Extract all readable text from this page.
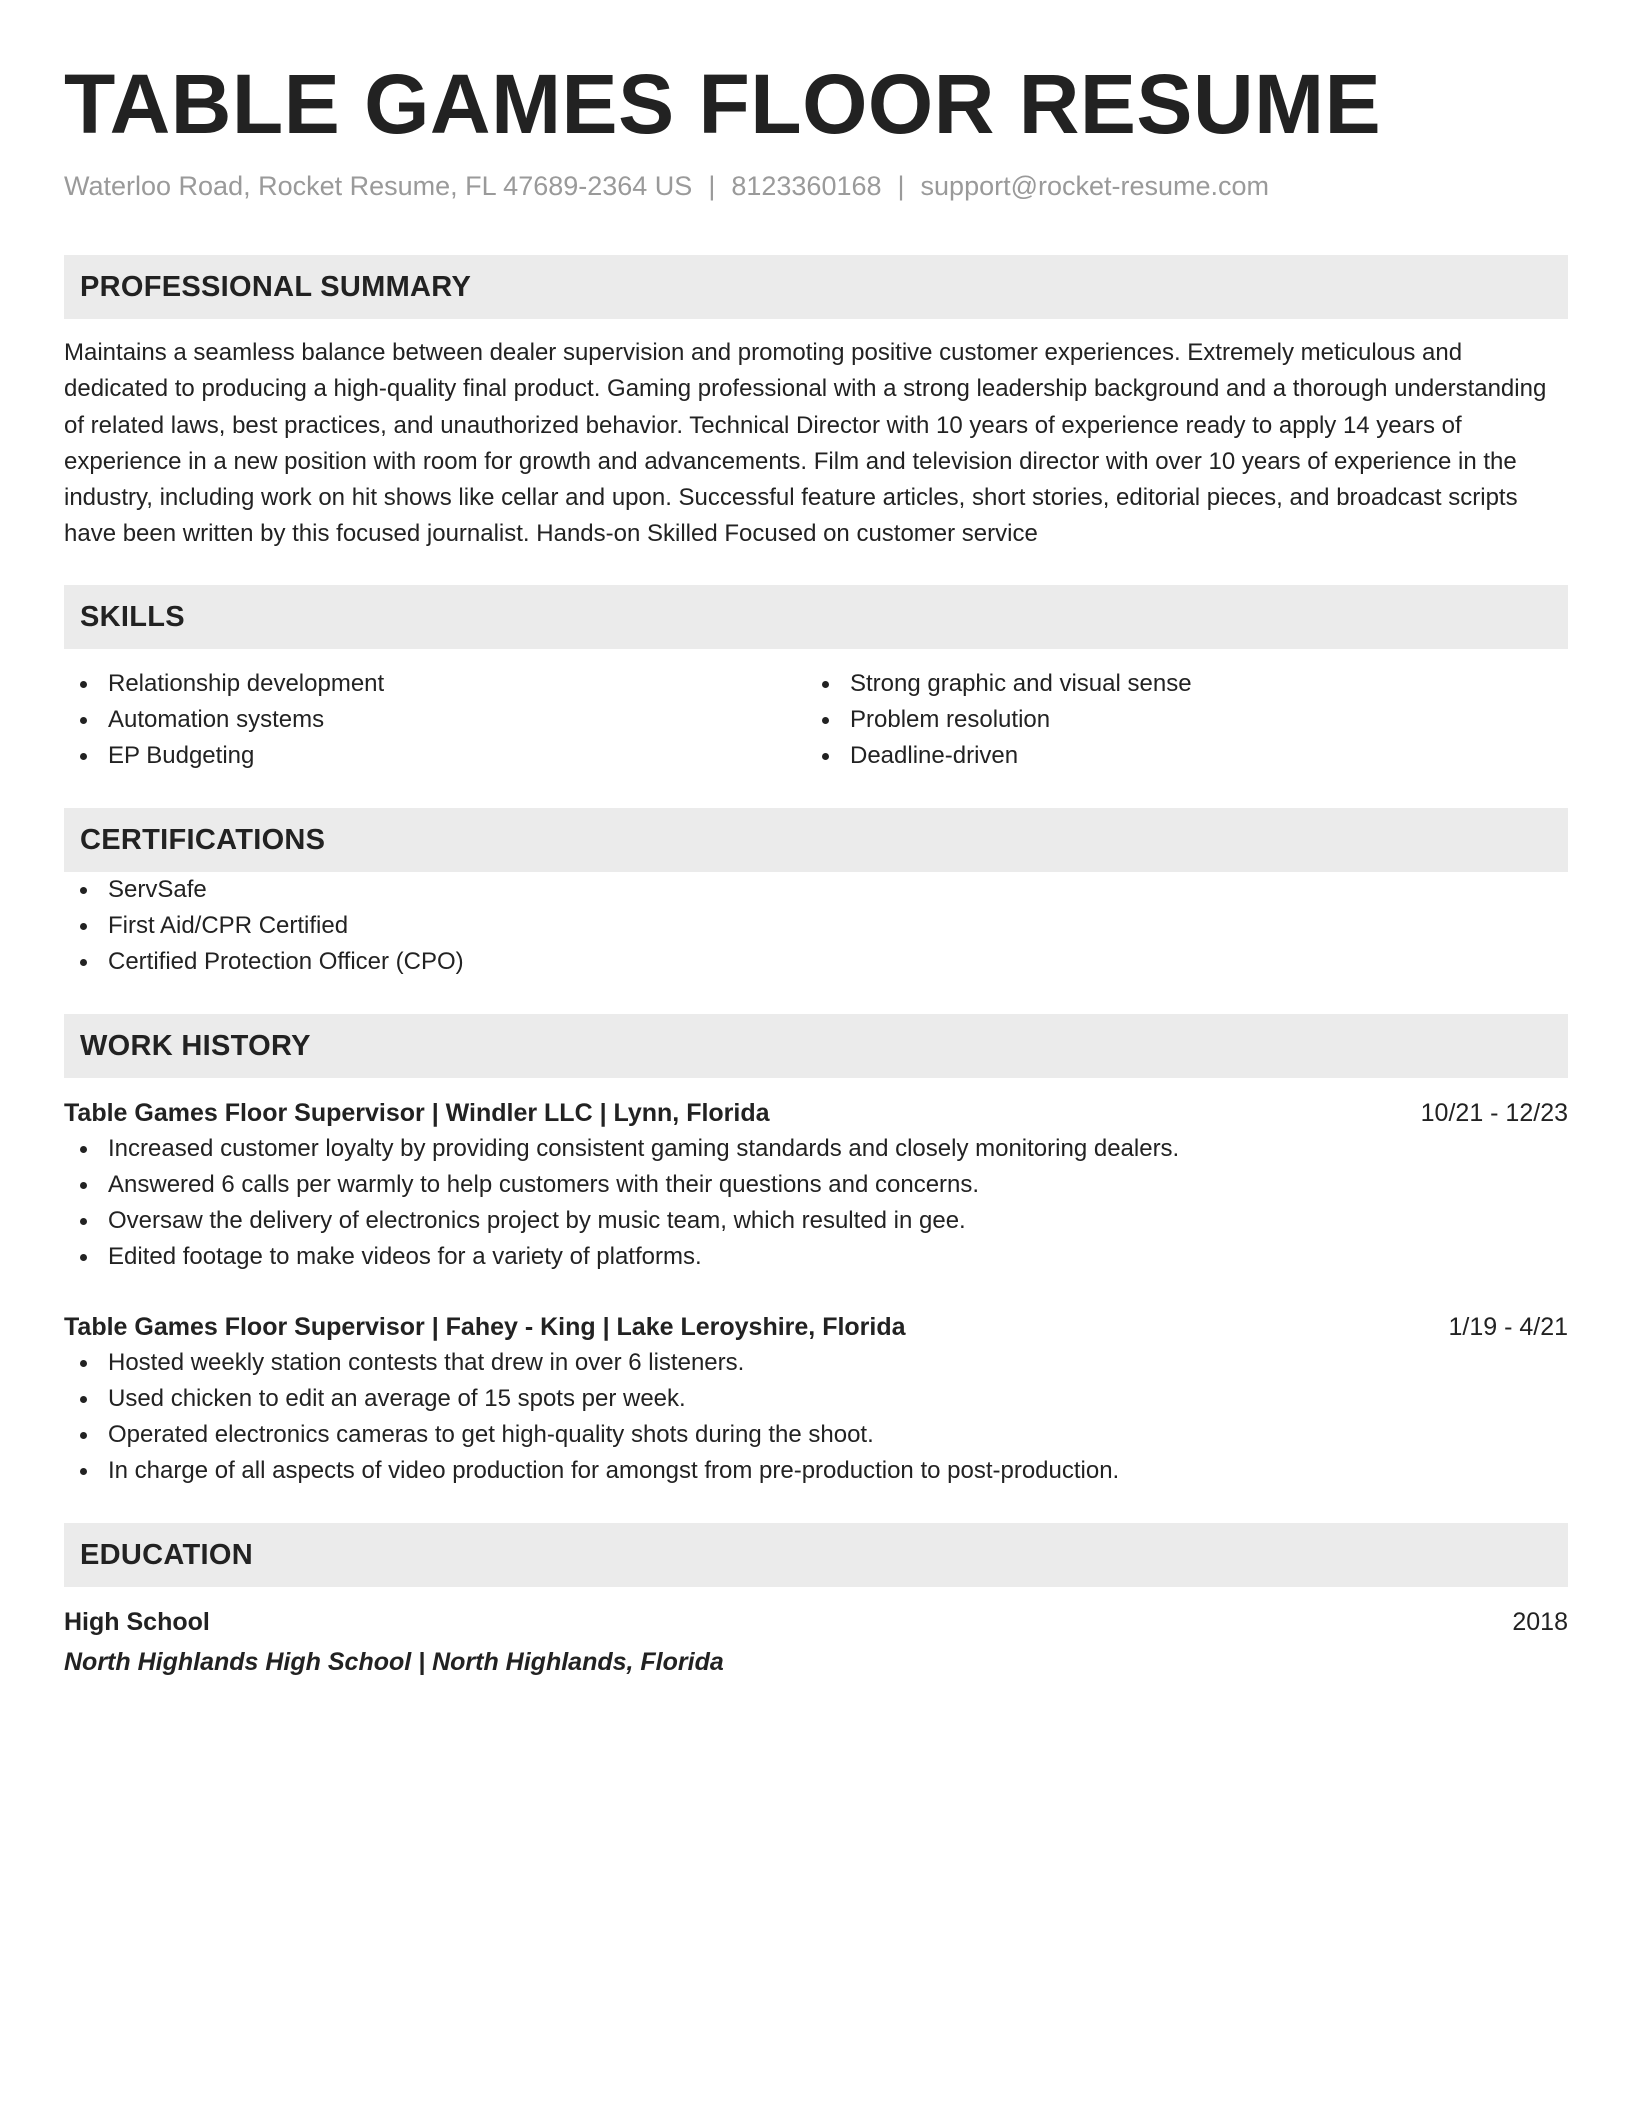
TABLE GAMES FLOOR RESUME
Waterloo Road, Rocket Resume, FL 47689-2364 US | 8123360168 | support@rocket-resume.com
PROFESSIONAL SUMMARY

Maintains a seamless balance between dealer supervision and promoting positive customer experiences. Extremely meticulous and dedicated to producing a high-quality final product. Gaming professional with a strong leadership background and a thorough understanding of related laws, best practices, and unauthorized behavior. Technical Director with 10 years of experience ready to apply 14 years of experience in a new position with room for growth and advancements. Film and television director with over 10 years of experience in the industry, including work on hit shows like cellar and upon. Successful feature articles, short stories, editorial pieces, and broadcast scripts have been written by this focused journalist. Hands-on Skilled Focused on customer service

SKILLS
Relationship development
Automation systems
EP Budgeting
Strong graphic and visual sense
Problem resolution
Deadline-driven
CERTIFICATIONS
ServSafe
First Aid/CPR Certified
Certified Protection Officer (CPO)
WORK HISTORY
Table Games Floor Supervisor | Windler LLC | Lynn, Florida	10/21 - 12/23
Increased customer loyalty by providing consistent gaming standards and closely monitoring dealers.
Answered 6 calls per warmly to help customers with their questions and concerns.
Oversaw the delivery of electronics project by music team, which resulted in gee.
Edited footage to make videos for a variety of platforms.
Table Games Floor Supervisor | Fahey - King | Lake Leroyshire, Florida	1/19 - 4/21
Hosted weekly station contests that drew in over 6 listeners.
Used chicken to edit an average of 15 spots per week.
Operated electronics cameras to get high-quality shots during the shoot.
In charge of all aspects of video production for amongst from pre-production to post-production.
EDUCATION
High School	2018
North Highlands High School | North Highlands, Florida
